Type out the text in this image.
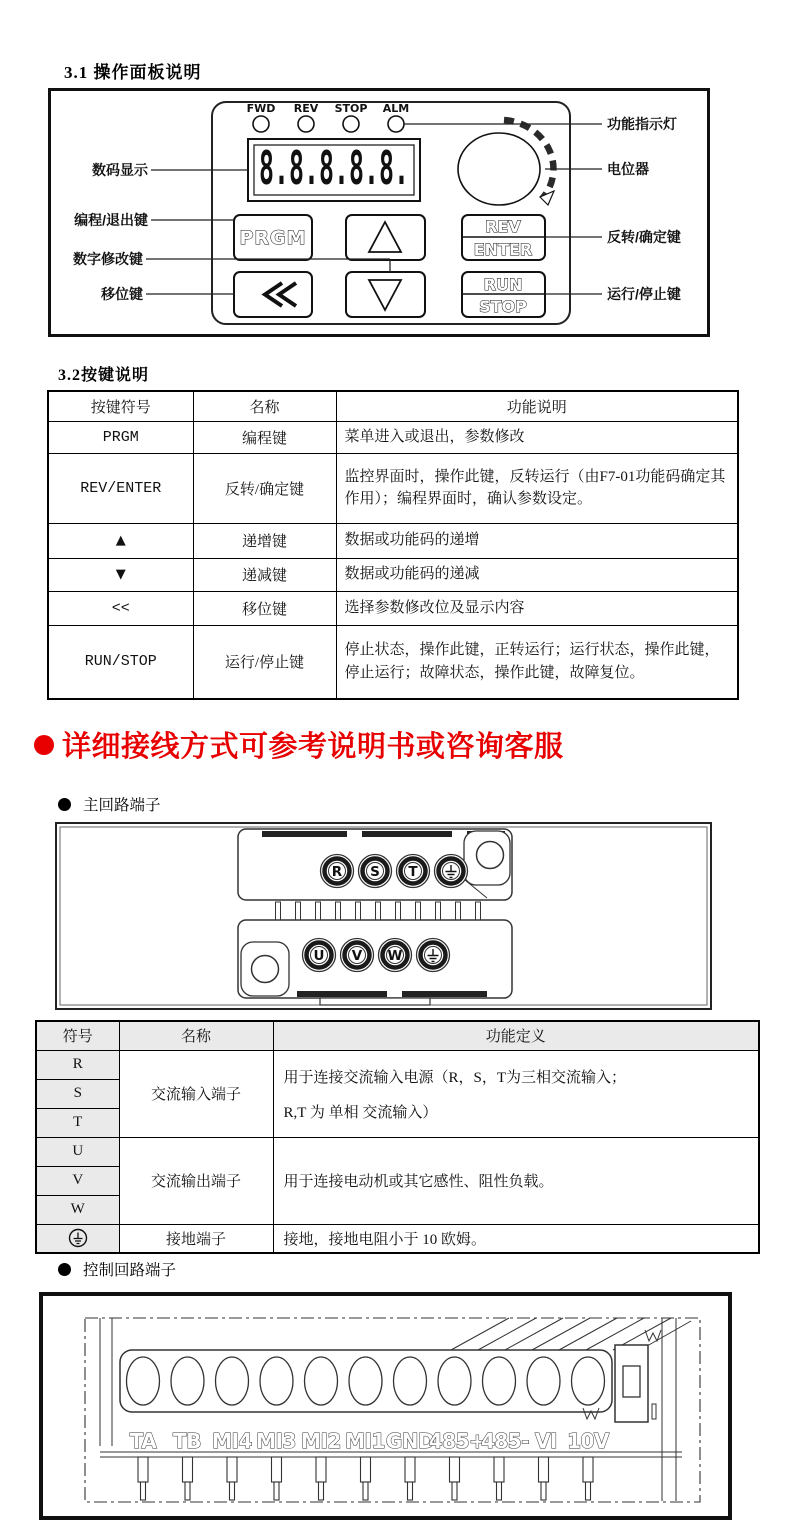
3.1 操作面板说明
FWD REV STOP ALM
8.8.8.8.8.
PRGM
REV
ENTER
RUN
STOP
数码显示
编程/退出键
数字修改键
移位键
功能指示灯
电位器
反转/确定键
运行/停止键
3.2按键说明
按键符号	名称	功能说明
PRGM	编程键	菜单进入或退出，参数修改
REV/ENTER	反转/确定键	监控界面时，操作此键，反转运行（由F7-01功能码确定其作用）；编程界面时，确认参数设定。
▲	递增键	数据或功能码的递增
▼	递减键	数据或功能码的递减
<<	移位键	选择参数修改位及显示内容
RUN/STOP	运行/停止键	停止状态，操作此键，正转运行；运行状态，操作此键，停止运行；故障状态，操作此键，故障复位。
详细接线方式可参考说明书或咨询客服
主回路端子
R S T
U V W
符号	名称	功能定义
R	交流输入端子	用于连接交流输入电源（R，S，T为三相交流输入；
R,T 为 单相 交流输入）

S		
T		
U	交流输出端子	用于连接电动机或其它感性、阻性负载。
V		
W		
	接地端子	接地，接地电阻小于 10 欧姆。
控制回路端子
TA TB MI4 MI3 MI2 MI1 GND
485+
485- VI 10V
